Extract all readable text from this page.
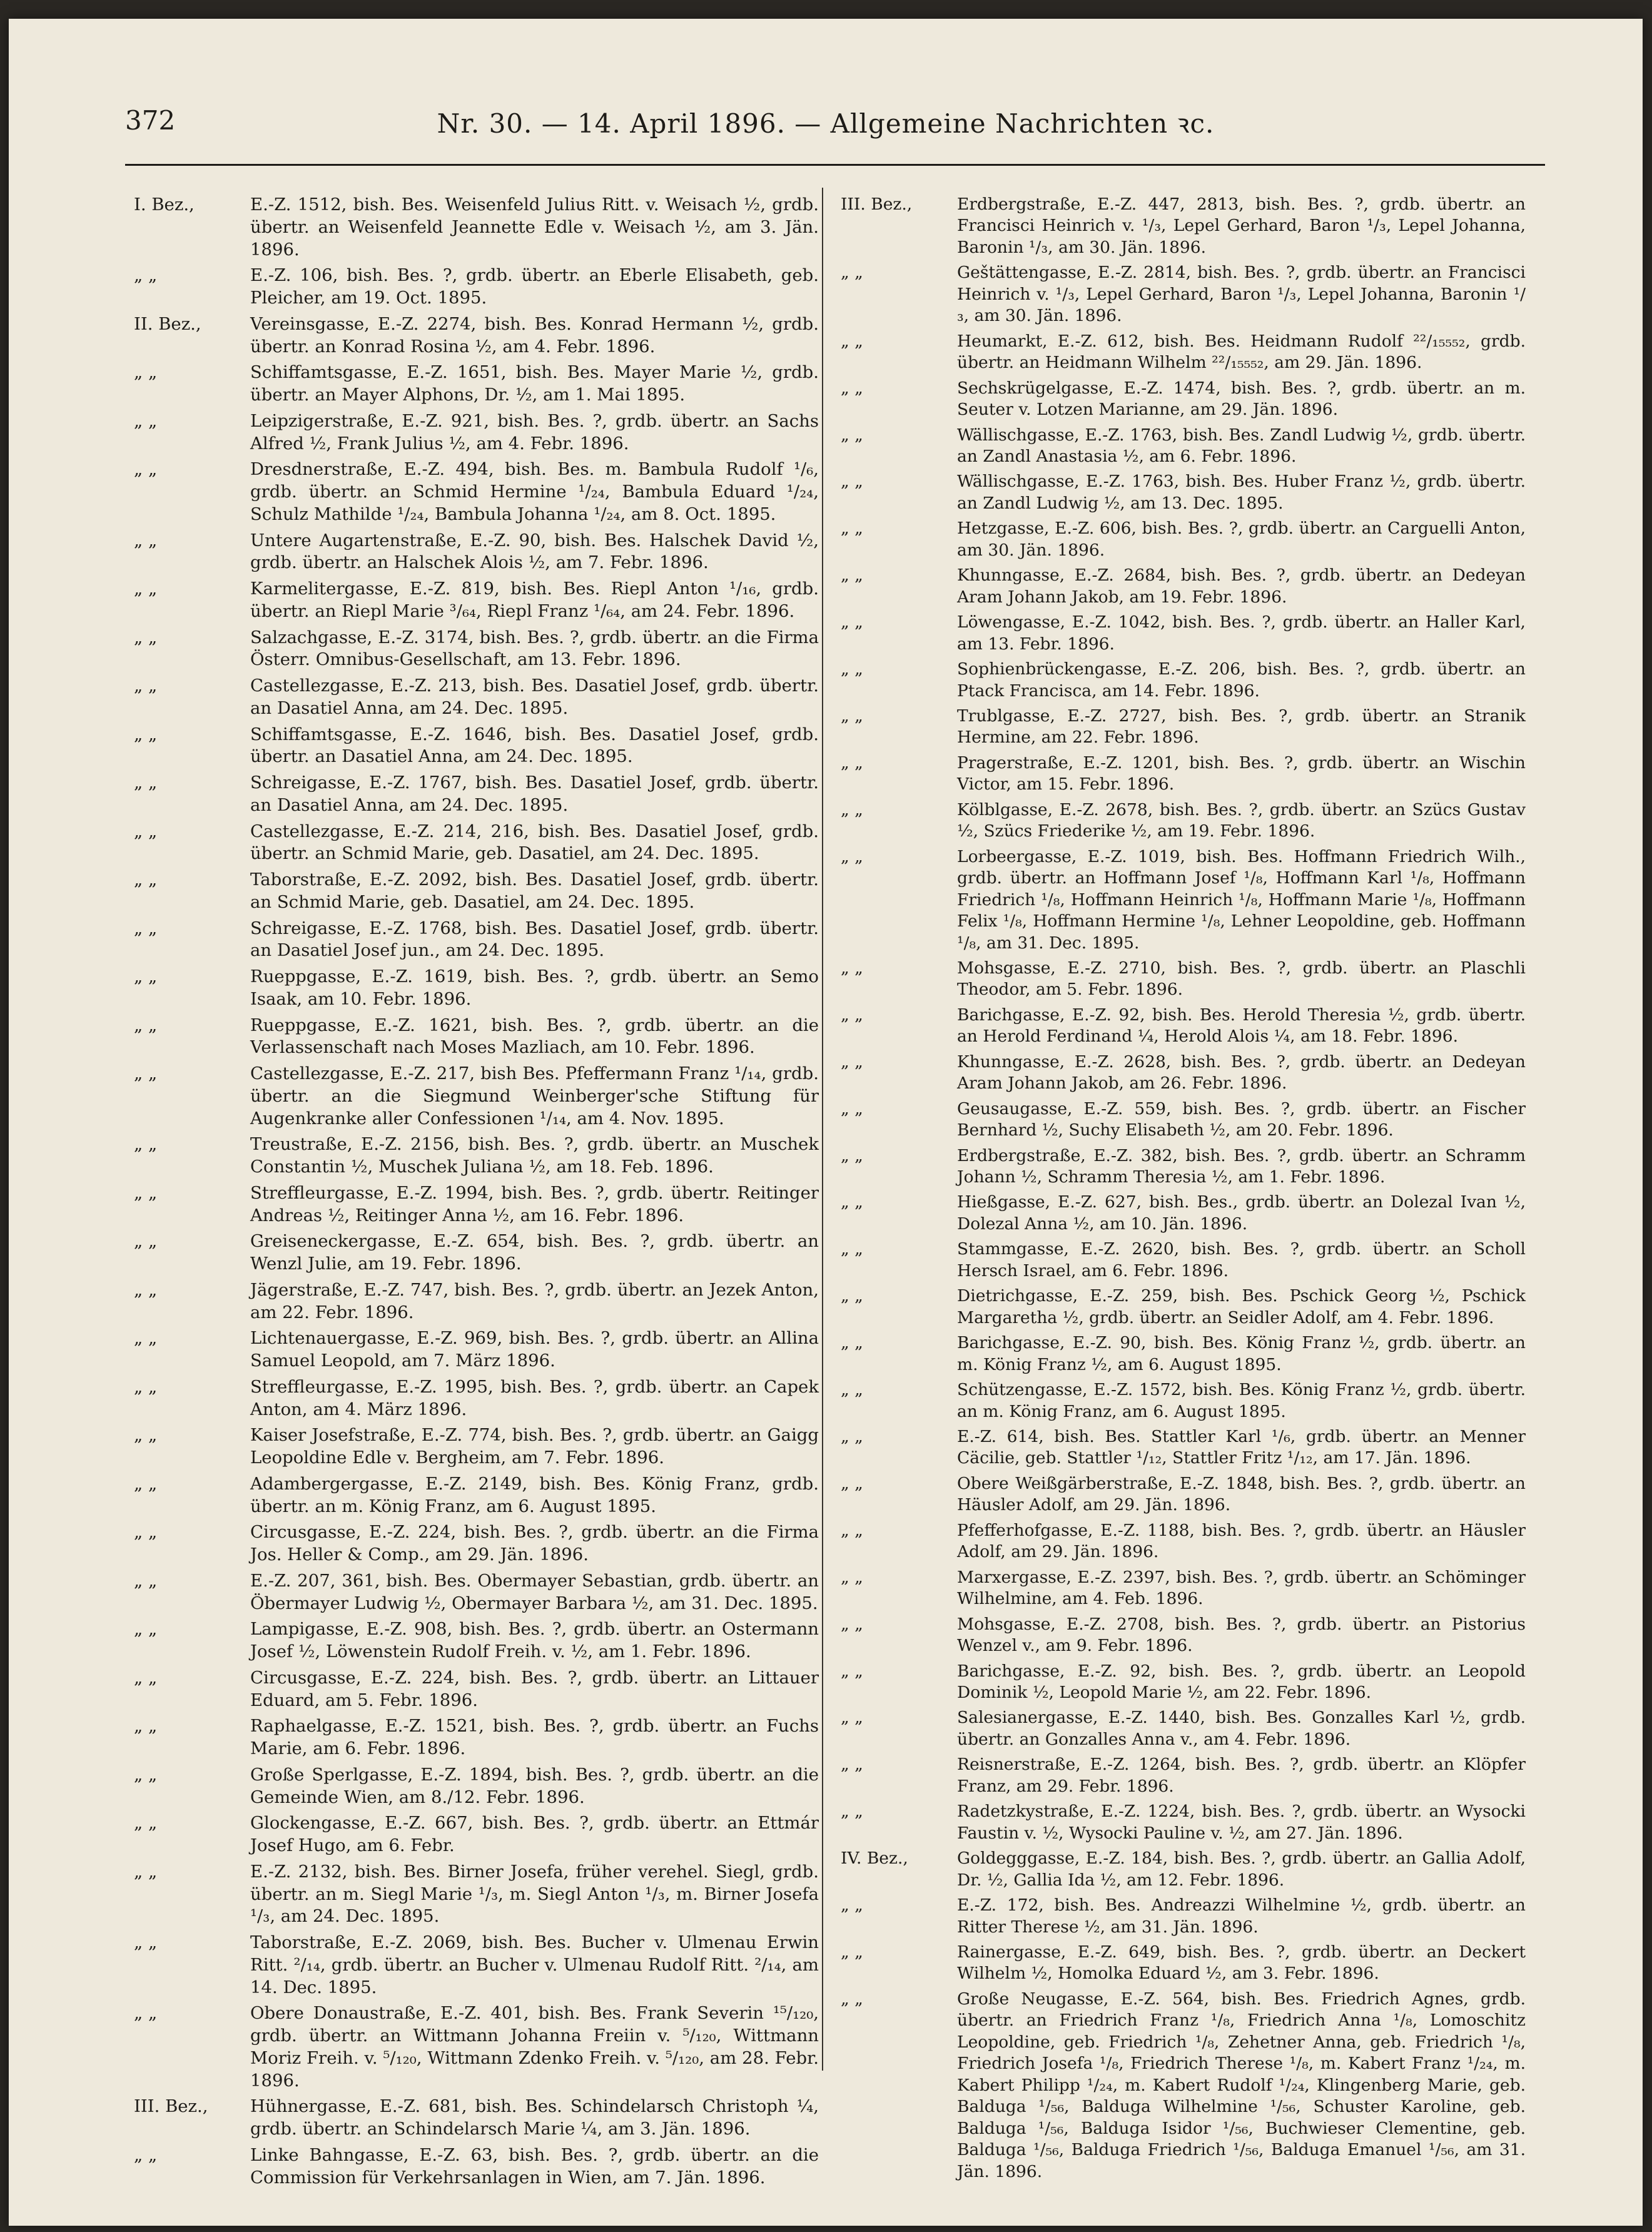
372	Nr. 30. — 14. April 1896. — Allgemeine Nachrichten ꝛc.
I. Bez.,	E.-Z. 1512, bish. Bes. Weisenfeld Julius Ritt. v. Weisach ½, grdb. übertr. an Weisenfeld Jeannette Edle v. Weisach ½, am 3. Jän. 1896.
„ „	E.-Z. 106, bish. Bes. ?, grdb. übertr. an Eberle Elisabeth, geb. Pleicher, am 19. Oct. 1895.
II. Bez.,	Vereinsgasse, E.-Z. 2274, bish. Bes. Konrad Hermann ½, grdb. übertr. an Konrad Rosina ½, am 4. Febr. 1896.
„ „	Schiffamtsgasse, E.-Z. 1651, bish. Bes. Mayer Marie ½, grdb. übertr. an Mayer Alphons, Dr. ½, am 1. Mai 1895.
„ „	Leipzigerstraße, E.-Z. 921, bish. Bes. ?, grdb. übertr. an Sachs Alfred ½, Frank Julius ½, am 4. Febr. 1896.
„ „	Dresdnerstraße, E.-Z. 494, bish. Bes. m. Bambula Rudolf ¹/₆, grdb. übertr. an Schmid Hermine ¹/₂₄, Bambula Eduard ¹/₂₄, Schulz Mathilde ¹/₂₄, Bambula Johanna ¹/₂₄, am 8. Oct. 1895.
„ „	Untere Augartenstraße, E.-Z. 90, bish. Bes. Halschek David ½, grdb. übertr. an Halschek Alois ½, am 7. Febr. 1896.
„ „	Karmelitergasse, E.-Z. 819, bish. Bes. Riepl Anton ¹/₁₆, grdb. übertr. an Riepl Marie ³/₆₄, Riepl Franz ¹/₆₄, am 24. Febr. 1896.
„ „	Salzachgasse, E.-Z. 3174, bish. Bes. ?, grdb. übertr. an die Firma Österr. Omnibus-Gesellschaft, am 13. Febr. 1896.
„ „	Castellezgasse, E.-Z. 213, bish. Bes. Dasatiel Josef, grdb. übertr. an Dasatiel Anna, am 24. Dec. 1895.
„ „	Schiffamtsgasse, E.-Z. 1646, bish. Bes. Dasatiel Josef, grdb. übertr. an Dasatiel Anna, am 24. Dec. 1895.
„ „	Schreigasse, E.-Z. 1767, bish. Bes. Dasatiel Josef, grdb. übertr. an Dasatiel Anna, am 24. Dec. 1895.
„ „	Castellezgasse, E.-Z. 214, 216, bish. Bes. Dasatiel Josef, grdb. übertr. an Schmid Marie, geb. Dasatiel, am 24. Dec. 1895.
„ „	Taborstraße, E.-Z. 2092, bish. Bes. Dasatiel Josef, grdb. übertr. an Schmid Marie, geb. Dasatiel, am 24. Dec. 1895.
„ „	Schreigasse, E.-Z. 1768, bish. Bes. Dasatiel Josef, grdb. übertr. an Dasatiel Josef jun., am 24. Dec. 1895.
„ „	Rueppgasse, E.-Z. 1619, bish. Bes. ?, grdb. übertr. an Semo Isaak, am 10. Febr. 1896.
„ „	Rueppgasse, E.-Z. 1621, bish. Bes. ?, grdb. übertr. an die Verlassenschaft nach Moses Mazliach, am 10. Febr. 1896.
„ „	Castellezgasse, E.-Z. 217, bish Bes. Pfeffermann Franz ¹/₁₄, grdb. übertr. an die Siegmund Weinberger'sche Stiftung für Augenkranke aller Confessionen ¹/₁₄, am 4. Nov. 1895.
„ „	Treustraße, E.-Z. 2156, bish. Bes. ?, grdb. übertr. an Muschek Constantin ½, Muschek Juliana ½, am 18. Feb. 1896.
„ „	Streffleurgasse, E.-Z. 1994, bish. Bes. ?, grdb. übertr. Reitinger Andreas ½, Reitinger Anna ½, am 16. Febr. 1896.
„ „	Greiseneckergasse, E.-Z. 654, bish. Bes. ?, grdb. übertr. an Wenzl Julie, am 19. Febr. 1896.
„ „	Jägerstraße, E.-Z. 747, bish. Bes. ?, grdb. übertr. an Jezek Anton, am 22. Febr. 1896.
„ „	Lichtenauergasse, E.-Z. 969, bish. Bes. ?, grdb. übertr. an Allina Samuel Leopold, am 7. März 1896.
„ „	Streffleurgasse, E.-Z. 1995, bish. Bes. ?, grdb. übertr. an Capek Anton, am 4. März 1896.
„ „	Kaiser Josefstraße, E.-Z. 774, bish. Bes. ?, grdb. übertr. an Gaigg Leopoldine Edle v. Bergheim, am 7. Febr. 1896.
„ „	Adambergergasse, E.-Z. 2149, bish. Bes. König Franz, grdb. übertr. an m. König Franz, am 6. August 1895.
„ „	Circusgasse, E.-Z. 224, bish. Bes. ?, grdb. übertr. an die Firma Jos. Heller & Comp., am 29. Jän. 1896.
„ „	E.-Z. 207, 361, bish. Bes. Obermayer Sebastian, grdb. übertr. an Öbermayer Ludwig ½, Obermayer Barbara ½, am 31. Dec. 1895.
„ „	Lampigasse, E.-Z. 908, bish. Bes. ?, grdb. übertr. an Ostermann Josef ½, Löwenstein Rudolf Freih. v. ½, am 1. Febr. 1896.
„ „	Circusgasse, E.-Z. 224, bish. Bes. ?, grdb. übertr. an Littauer Eduard, am 5. Febr. 1896.
„ „	Raphaelgasse, E.-Z. 1521, bish. Bes. ?, grdb. übertr. an Fuchs Marie, am 6. Febr. 1896.
„ „	Große Sperlgasse, E.-Z. 1894, bish. Bes. ?, grdb. übertr. an die Gemeinde Wien, am 8./12. Febr. 1896.
„ „	Glockengasse, E.-Z. 667, bish. Bes. ?, grdb. übertr. an Ettmár Josef Hugo, am 6. Febr.
„ „	E.-Z. 2132, bish. Bes. Birner Josefa, früher verehel. Siegl, grdb. übertr. an m. Siegl Marie ¹/₃, m. Siegl Anton ¹/₃, m. Birner Josefa ¹/₃, am 24. Dec. 1895.
„ „	Taborstraße, E.-Z. 2069, bish. Bes. Bucher v. Ulmenau Erwin Ritt. ²/₁₄, grdb. übertr. an Bucher v. Ulmenau Rudolf Ritt. ²/₁₄, am 14. Dec. 1895.
„ „	Obere Donaustraße, E.-Z. 401, bish. Bes. Frank Severin ¹⁵/₁₂₀, grdb. übertr. an Wittmann Johanna Freiin v. ⁵/₁₂₀, Wittmann Moriz Freih. v. ⁵/₁₂₀, Wittmann Zdenko Freih. v. ⁵/₁₂₀, am 28. Febr. 1896.
III. Bez.,	Hühnergasse, E.-Z. 681, bish. Bes. Schindelarsch Christoph ¼, grdb. übertr. an Schindelarsch Marie ¼, am 3. Jän. 1896.
„ „	Linke Bahngasse, E.-Z. 63, bish. Bes. ?, grdb. übertr. an die Commission für Verkehrsanlagen in Wien, am 7. Jän. 1896.
III. Bez.,	Erdbergstraße, E.-Z. 447, 2813, bish. Bes. ?, grdb. übertr. an Francisci Heinrich v. ¹/₃, Lepel Gerhard, Baron ¹/₃, Lepel Johanna, Baronin ¹/₃, am 30. Jän. 1896.
„ „	Geštättengasse, E.-Z. 2814, bish. Bes. ?, grdb. übertr. an Francisci Heinrich v. ¹/₃, Lepel Gerhard, Baron ¹/₃, Lepel Johanna, Baronin ¹/₃, am 30. Jän. 1896.
„ „	Heumarkt, E.-Z. 612, bish. Bes. Heidmann Rudolf ²²/₁₅₅₅₂, grdb. übertr. an Heidmann Wilhelm ²²/₁₅₅₅₂, am 29. Jän. 1896.
„ „	Sechskrügelgasse, E.-Z. 1474, bish. Bes. ?, grdb. übertr. an m. Seuter v. Lotzen Marianne, am 29. Jän. 1896.
„ „	Wällischgasse, E.-Z. 1763, bish. Bes. Zandl Ludwig ½, grdb. übertr. an Zandl Anastasia ½, am 6. Febr. 1896.
„ „	Wällischgasse, E.-Z. 1763, bish. Bes. Huber Franz ½, grdb. übertr. an Zandl Ludwig ½, am 13. Dec. 1895.
„ „	Hetzgasse, E.-Z. 606, bish. Bes. ?, grdb. übertr. an Carguelli Anton, am 30. Jän. 1896.
„ „	Khunngasse, E.-Z. 2684, bish. Bes. ?, grdb. übertr. an Dedeyan Aram Johann Jakob, am 19. Febr. 1896.
„ „	Löwengasse, E.-Z. 1042, bish. Bes. ?, grdb. übertr. an Haller Karl, am 13. Febr. 1896.
„ „	Sophienbrückengasse, E.-Z. 206, bish. Bes. ?, grdb. übertr. an Ptack Francisca, am 14. Febr. 1896.
„ „	Trublgasse, E.-Z. 2727, bish. Bes. ?, grdb. übertr. an Stranik Hermine, am 22. Febr. 1896.
„ „	Pragerstraße, E.-Z. 1201, bish. Bes. ?, grdb. übertr. an Wischin Victor, am 15. Febr. 1896.
„ „	Kölblgasse, E.-Z. 2678, bish. Bes. ?, grdb. übertr. an Szücs Gustav ½, Szücs Friederike ½, am 19. Febr. 1896.
„ „	Lorbeergasse, E.-Z. 1019, bish. Bes. Hoffmann Friedrich Wilh., grdb. übertr. an Hoffmann Josef ¹/₈, Hoffmann Karl ¹/₈, Hoffmann Friedrich ¹/₈, Hoffmann Heinrich ¹/₈, Hoffmann Marie ¹/₈, Hoffmann Felix ¹/₈, Hoffmann Hermine ¹/₈, Lehner Leopoldine, geb. Hoffmann ¹/₈, am 31. Dec. 1895.
„ „	Mohsgasse, E.-Z. 2710, bish. Bes. ?, grdb. übertr. an Plaschli Theodor, am 5. Febr. 1896.
„ „	Barichgasse, E.-Z. 92, bish. Bes. Herold Theresia ½, grdb. übertr. an Herold Ferdinand ¼, Herold Alois ¼, am 18. Febr. 1896.
„ „	Khunngasse, E.-Z. 2628, bish. Bes. ?, grdb. übertr. an Dedeyan Aram Johann Jakob, am 26. Febr. 1896.
„ „	Geusaugasse, E.-Z. 559, bish. Bes. ?, grdb. übertr. an Fischer Bernhard ½, Suchy Elisabeth ½, am 20. Febr. 1896.
„ „	Erdbergstraße, E.-Z. 382, bish. Bes. ?, grdb. übertr. an Schramm Johann ½, Schramm Theresia ½, am 1. Febr. 1896.
„ „	Hießgasse, E.-Z. 627, bish. Bes., grdb. übertr. an Dolezal Ivan ½, Dolezal Anna ½, am 10. Jän. 1896.
„ „	Stammgasse, E.-Z. 2620, bish. Bes. ?, grdb. übertr. an Scholl Hersch Israel, am 6. Febr. 1896.
„ „	Dietrichgasse, E.-Z. 259, bish. Bes. Pschick Georg ½, Pschick Margaretha ½, grdb. übertr. an Seidler Adolf, am 4. Febr. 1896.
„ „	Barichgasse, E.-Z. 90, bish. Bes. König Franz ½, grdb. übertr. an m. König Franz ½, am 6. August 1895.
„ „	Schützengasse, E.-Z. 1572, bish. Bes. König Franz ½, grdb. übertr. an m. König Franz, am 6. August 1895.
„ „	E.-Z. 614, bish. Bes. Stattler Karl ¹/₆, grdb. übertr. an Menner Cäcilie, geb. Stattler ¹/₁₂, Stattler Fritz ¹/₁₂, am 17. Jän. 1896.
„ „	Obere Weißgärberstraße, E.-Z. 1848, bish. Bes. ?, grdb. übertr. an Häusler Adolf, am 29. Jän. 1896.
„ „	Pfefferhofgasse, E.-Z. 1188, bish. Bes. ?, grdb. übertr. an Häusler Adolf, am 29. Jän. 1896.
„ „	Marxergasse, E.-Z. 2397, bish. Bes. ?, grdb. übertr. an Schöminger Wilhelmine, am 4. Feb. 1896.
„ „	Mohsgasse, E.-Z. 2708, bish. Bes. ?, grdb. übertr. an Pistorius Wenzel v., am 9. Febr. 1896.
„ „	Barichgasse, E.-Z. 92, bish. Bes. ?, grdb. übertr. an Leopold Dominik ½, Leopold Marie ½, am 22. Febr. 1896.
„ „	Salesianergasse, E.-Z. 1440, bish. Bes. Gonzalles Karl ½, grdb. übertr. an Gonzalles Anna v., am 4. Febr. 1896.
„ „	Reisnerstraße, E.-Z. 1264, bish. Bes. ?, grdb. übertr. an Klöpfer Franz, am 29. Febr. 1896.
„ „	Radetzkystraße, E.-Z. 1224, bish. Bes. ?, grdb. übertr. an Wysocki Faustin v. ½, Wysocki Pauline v. ½, am 27. Jän. 1896.
IV. Bez.,	Goldegggasse, E.-Z. 184, bish. Bes. ?, grdb. übertr. an Gallia Adolf, Dr. ½, Gallia Ida ½, am 12. Febr. 1896.
„ „	E.-Z. 172, bish. Bes. Andreazzi Wilhelmine ½, grdb. übertr. an Ritter Therese ½, am 31. Jän. 1896.
„ „	Rainergasse, E.-Z. 649, bish. Bes. ?, grdb. übertr. an Deckert Wilhelm ½, Homolka Eduard ½, am 3. Febr. 1896.
„ „	Große Neugasse, E.-Z. 564, bish. Bes. Friedrich Agnes, grdb. übertr. an Friedrich Franz ¹/₈, Friedrich Anna ¹/₈, Lomoschitz Leopoldine, geb. Friedrich ¹/₈, Zehetner Anna, geb. Friedrich ¹/₈, Friedrich Josefa ¹/₈, Friedrich Therese ¹/₈, m. Kabert Franz ¹/₂₄, m. Kabert Philipp ¹/₂₄, m. Kabert Rudolf ¹/₂₄, Klingenberg Marie, geb. Balduga ¹/₅₆, Balduga Wilhelmine ¹/₅₆, Schuster Karoline, geb. Balduga ¹/₅₆, Balduga Isidor ¹/₅₆, Buchwieser Clementine, geb. Balduga ¹/₅₆, Balduga Friedrich ¹/₅₆, Balduga Emanuel ¹/₅₆, am 31. Jän. 1896.
